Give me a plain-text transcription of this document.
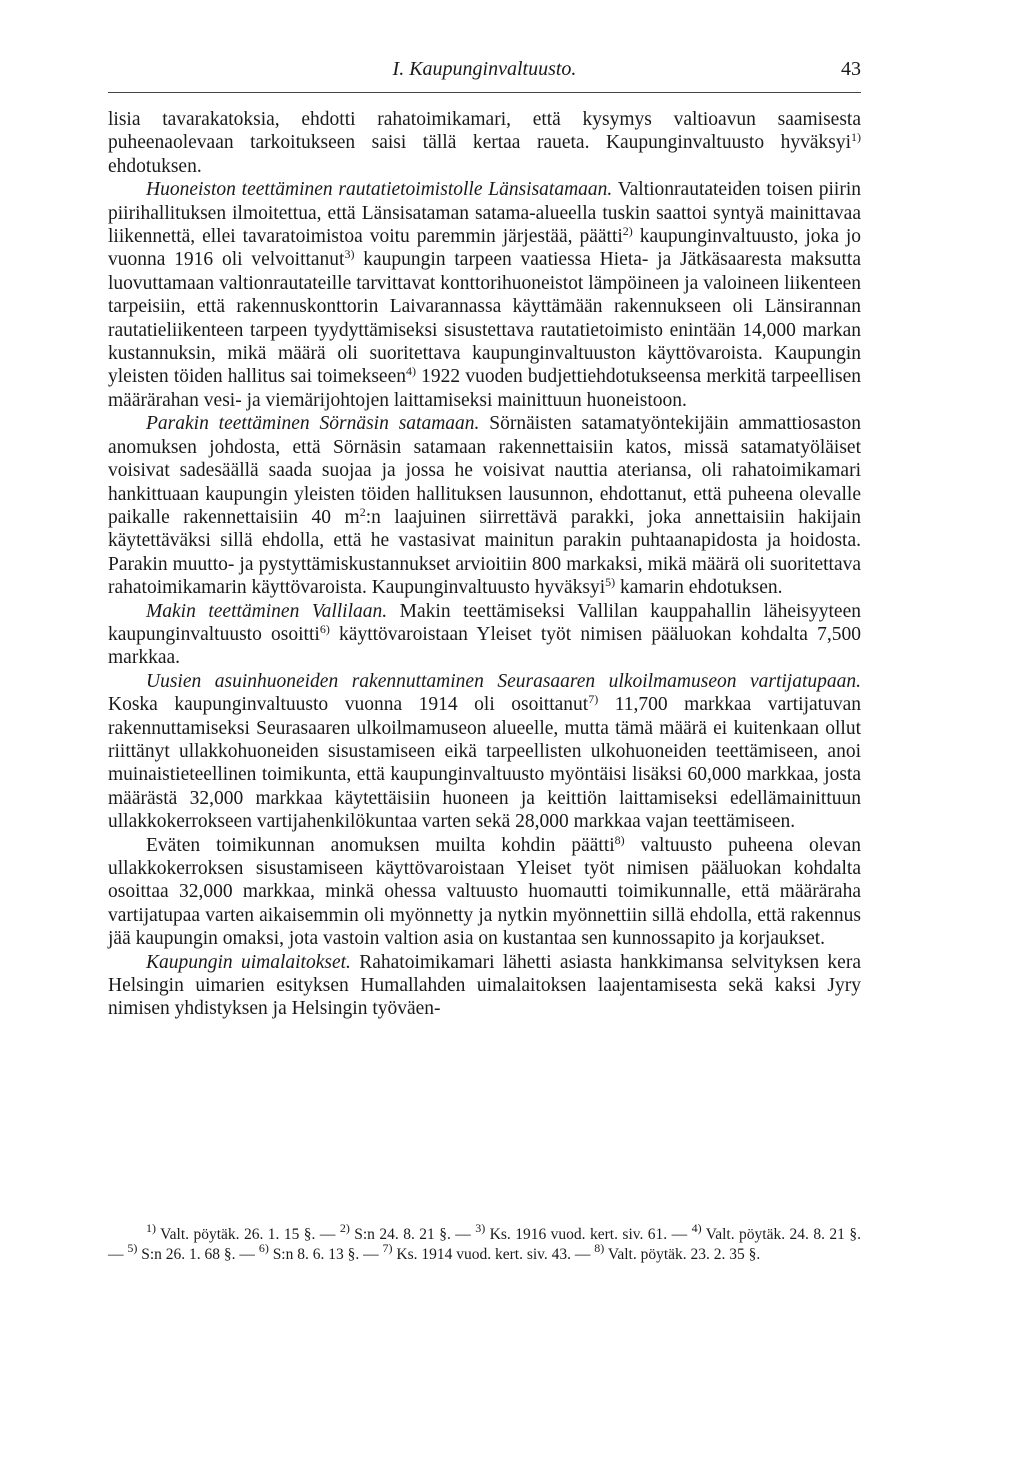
I. Kaupunginvaltuusto.	43

lisia tavarakatoksia, ehdotti rahatoimikamari, että kysymys valtioavun saamisesta puheenaolevaan tarkoitukseen saisi tällä kertaa raueta. Kaupunginvaltuusto hyväksyi$^{1)}$ ehdotuksen.

Huoneiston teettäminen rautatietoimistolle Länsisatamaan. Valtionrautateiden toisen piirin piirihallituksen ilmoitettua, että Länsisataman satama-alueella tuskin saattoi syntyä mainittavaa liikennettä, ellei tavaratoimistoa voitu paremmin järjestää, päätti$^{2)}$ kaupunginvaltuusto, joka jo vuonna 1916 oli velvoittanut$^{3)}$ kaupungin tarpeen vaatiessa Hieta- ja Jätkäsaaresta maksutta luovuttamaan valtionrautateille tarvittavat konttorihuoneistot lämpöineen ja valoineen liikenteen tarpeisiin, että rakennuskonttorin Laivarannassa käyttämään rakennukseen oli Länsirannan rautatieliikenteen tarpeen tyydyttämiseksi sisustettava rautatietoimisto enintään 14,000 markan kustannuksin, mikä määrä oli suoritettava kaupunginvaltuuston käyttövaroista. Kaupungin yleisten töiden hallitus sai toimekseen$^{4)}$ 1922 vuoden budjettiehdotukseensa merkitä tarpeellisen määrärahan vesi- ja viemärijohtojen laittamiseksi mainittuun huoneistoon.

Parakin teettäminen Sörnäsin satamaan. Sörnäisten satamatyöntekijäin ammattiosaston anomuksen johdosta, että Sörnäsin satamaan rakennettaisiin katos, missä satamatyöläiset voisivat sadesäällä saada suojaa ja jossa he voisivat nauttia ateriansa, oli rahatoimikamari hankittuaan kaupungin yleisten töiden hallituksen lausunnon, ehdottanut, että puheena olevalle paikalle rakennettaisiin 40 $m^2:n$ laajuinen siirrettävä parakki, joka annettaisiin hakijain käytettäväksi sillä ehdolla, että he vastasivat mainitun parakin puhtaanapidosta ja hoidosta. Parakin muutto- ja pystyttämiskustannukset arvioitiin 800 markaksi, mikä määrä oli suoritettava rahatoimikamarin käyttövaroista. Kaupunginvaltuusto hyväksyi$^{5)}$ kamarin ehdotuksen.

Makin teettäminen Vallilaan. Makin teettämiseksi Vallilan kauppahallin läheisyyteen kaupunginvaltuusto osoitti$^{6)}$ käyttövaroistaan Yleiset työt nimisen pääluokan kohdalta 7,500 markkaa.

Uusien asuinhuoneiden rakennuttaminen Seurasaaren ulkoilmamuseon vartijatupaan. Koska kaupunginvaltuusto vuonna 1914 oli osoittanut$^{7)}$ 11,700 markkaa vartijatuvan rakennuttamiseksi Seurasaaren ulkoilmamuseon alueelle, mutta tämä määrä ei kuitenkaan ollut riittänyt ullakkohuoneiden sisustamiseen eikä tarpeellisten ulkohuoneiden teettämiseen, anoi muinaistieteellinen toimikunta, että kaupunginvaltuusto myöntäisi lisäksi 60,000 markkaa, josta määrästä 32,000 markkaa käytettäisiin huoneen ja keittiön laittamiseksi edellämainittuun ullakkokerrokseen vartijahenkilökuntaa varten sekä 28,000 markkaa vajan teettämiseen.

Eväten toimikunnan anomuksen muilta kohdin päätti$^{8)}$ valtuusto puheena olevan ullakkokerroksen sisustamiseen käyttövaroistaan Yleiset työt nimisen pääluokan kohdalta osoittaa 32,000 markkaa, minkä ohessa valtuusto huomautti toimikunnalle, että määräraha vartijatupaa varten aikaisemmin oli myönnetty ja nytkin myönnettiin sillä ehdolla, että rakennus jää kaupungin omaksi, jota vastoin valtion asia on kustantaa sen kunnossapito ja korjaukset.

Kaupungin uimalaitokset. Rahatoimikamari lähetti asiasta hankkimansa selvityksen kera Helsingin uimarien esityksen Humallahden uimalaitoksen laajentamisesta sekä kaksi Jyry nimisen yhdistyksen ja Helsingin työväen-

$^{1)}$ Valt. pöytäk. 26. 1. 15 §. — $^{2)}$ S:n 24. 8. 21 §. — $^{3)}$ Ks. 1916 vuod. kert. siv. 61. — $^{4)}$ Valt. pöytäk. 24. 8. 21 §. — $^{5)}$ S:n 26. 1. 68 §. — $^{6)}$ S:n 8. 6. 13 §. — $^{7)}$ Ks. 1914 vuod. kert. siv. 43. — $^{8)}$ Valt. pöytäk. 23. 2. 35 §.
